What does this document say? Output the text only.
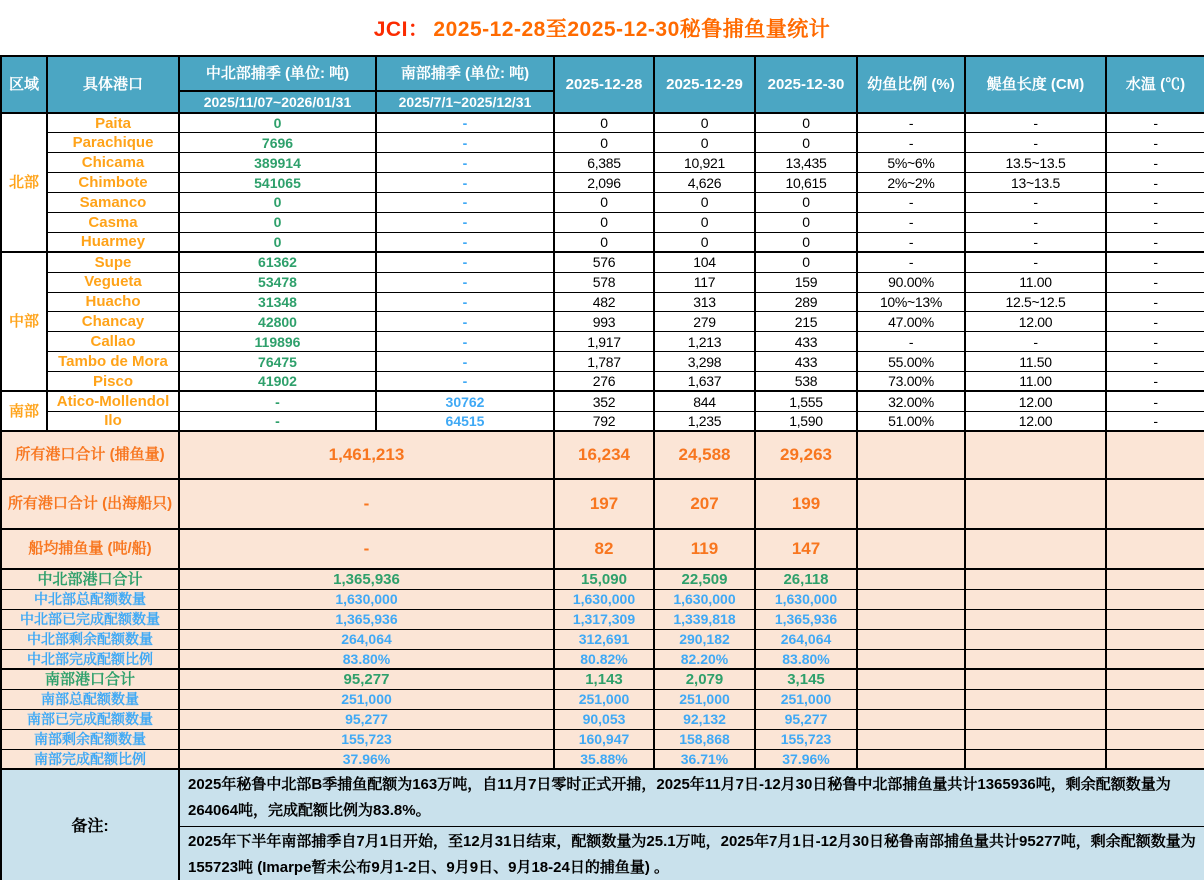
JCI： 2025-12-28至2025-12-30秘鲁捕鱼量统计
区域	具体港口	中北部捕季 (单位: 吨)	南部捕季 (单位: 吨)	2025-12-28	2025-12-29	2025-12-30	幼鱼比例 (%)	鳀鱼长度 (CM)	水温 (℃)
		2025/11/07~2026/01/31	2025/7/1~2025/12/31						
北部	Paita	0	-	0	0	0	-	-	-
	Parachique	7696	-	0	0	0	-	-	-
	Chicama	389914	-	6,385	10,921	13,435	5%~6%	13.5~13.5	-
	Chimbote	541065	-	2,096	4,626	10,615	2%~2%	13~13.5	-
	Samanco	0	-	0	0	0	-	-	-
	Casma	0	-	0	0	0	-	-	-
	Huarmey	0	-	0	0	0	-	-	-
中部	Supe	61362	-	576	104	0	-	-	-
	Vegueta	53478	-	578	117	159	90.00%	11.00	-
	Huacho	31348	-	482	313	289	10%~13%	12.5~12.5	-
	Chancay	42800	-	993	279	215	47.00%	12.00	-
	Callao	119896	-	1,917	1,213	433	-	-	-
	Tambo de Mora	76475	-	1,787	3,298	433	55.00%	11.50	-
	Pisco	41902	-	276	1,637	538	73.00%	11.00	-
南部	Atico-Mollendol	-	30762	352	844	1,555	32.00%	12.00	-
	Ilo	-	64515	792	1,235	1,590	51.00%	12.00	-
所有港口合计 (捕鱼量)		1,461,213		16,234	24,588	29,263			
所有港口合计 (出海船只)		-		197	207	199			
船均捕鱼量 (吨/船)		-		82	119	147			
中北部港口合计		1,365,936		15,090	22,509	26,118			
中北部总配额数量		1,630,000		1,630,000	1,630,000	1,630,000			
中北部已完成配额数量		1,365,936		1,317,309	1,339,818	1,365,936			
中北部剩余配额数量		264,064		312,691	290,182	264,064			
中北部完成配额比例		83.80%		80.82%	82.20%	83.80%			
南部港口合计		95,277		1,143	2,079	3,145			
南部总配额数量		251,000		251,000	251,000	251,000			
南部已完成配额数量		95,277		90,053	92,132	95,277			
南部剩余配额数量		155,723		160,947	158,868	155,723			
南部完成配额比例		37.96%		35.88%	36.71%	37.96%			
备注:		2025年秘鲁中北部B季捕鱼配额为163万吨，自11月7日零时正式开捕，2025年11月7日-12月30日秘鲁中北部捕鱼量共计1365936吨，剩余配额数量为264064吨，完成配额比例为83.8%。							
		2025年下半年南部捕季自7月1日开始，至12月31日结束，配额数量为25.1万吨，2025年7月1日-12月30日秘鲁南部捕鱼量共计95277吨，剩余配额数量为155723吨 (Imarpe暂未公布9月1-2日、9月9日、9月18-24日的捕鱼量) 。							
